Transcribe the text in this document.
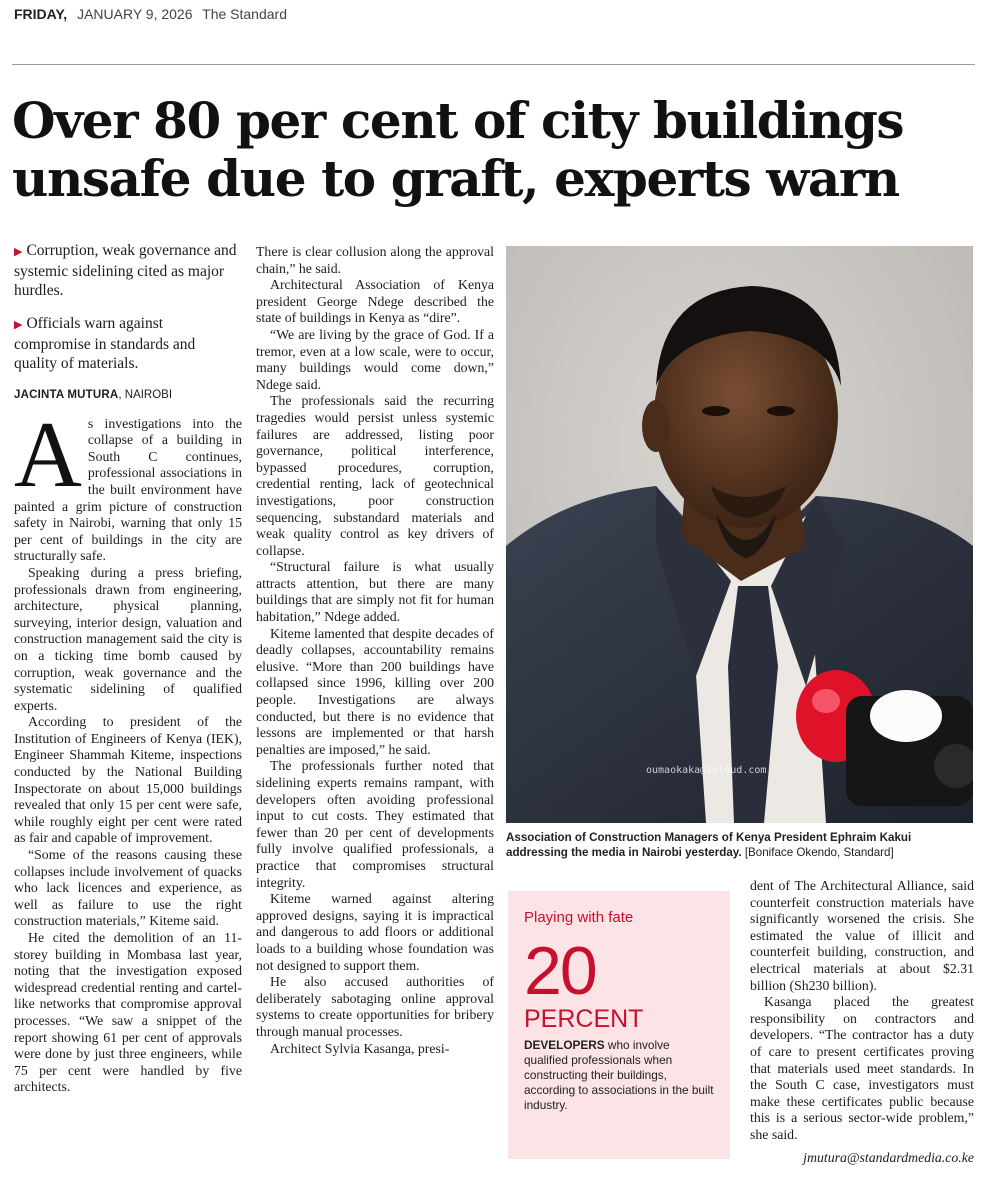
FRIDAY, JANUARY 9, 2026 The Standard
Over 80 per cent of city buildings unsafe due to graft, experts warn
▶ Corruption, weak governance and systemic sidelining cited as major hurdles.
▶ Officials warn against compromise in standards and quality of materials.

JACINTA MUTURA, NAIROBI

As investigations into the collapse of a building in South C continues, professional associations in the built environment have painted a grim picture of construction safety in Nairobi, warning that only 15 per cent of buildings in the city are structurally safe.

Speaking during a press briefing, professionals drawn from engineering, architecture, physical planning, surveying, interior design, valuation and construction management said the city is on a ticking time bomb caused by corruption, weak governance and the systematic sidelining of qualified experts.

According to president of the Institution of Engineers of Kenya (IEK), Engineer Shammah Kiteme, inspections conducted by the National Building Inspectorate on about 15,000 buildings revealed that only 15 per cent were safe, while roughly eight per cent were rated as fair and capable of improvement.

“Some of the reasons causing these collapses include involvement of quacks who lack licences and experience, as well as failure to use the right construction materials,” Kiteme said.

He cited the demolition of an 11-storey building in Mombasa last year, noting that the investigation exposed widespread credential renting and cartel-like networks that compromise approval processes. “We saw a snippet of the report showing 61 per cent of approvals were done by just three engineers, while 75 per cent were handled by five architects.

There is clear collusion along the approval chain,” he said.

Architectural Association of Kenya president George Ndege described the state of buildings in Kenya as “dire”.

“We are living by the grace of God. If a tremor, even at a low scale, were to occur, many buildings would come down,” Ndege said.

The professionals said the recurring tragedies would persist unless systemic failures are addressed, listing poor governance, political interference, bypassed procedures, corruption, credential renting, lack of geotechnical investigations, poor construction sequencing, substandard materials and weak quality control as key drivers of collapse.

“Structural failure is what usually attracts attention, but there are many buildings that are simply not fit for human habitation,” Ndege added.

Kiteme lamented that despite decades of deadly collapses, accountability remains elusive. “More than 200 buildings have collapsed since 1996, killing over 200 people. Investigations are always conducted, but there is no evidence that lessons are implemented or that harsh penalties are imposed,” he said.

The professionals further noted that sidelining experts remains rampant, with developers often avoiding professional input to cut costs. They estimated that fewer than 20 per cent of developments fully involve qualified professionals, a practice that compromises structural integrity.

Kiteme warned against altering approved designs, saying it is impractical and dangerous to add floors or additional loads to a building whose foundation was not designed to support them.

He also accused authorities of deliberately sabotaging online approval systems to create opportunities for bribery through manual processes.

Architect Sylvia Kasanga, presi-

oumaokaka@icloud.com
Association of Construction Managers of Kenya President Ephraim Kakui addressing the media in Nairobi yesterday. [Boniface Okendo, Standard]
Playing with fate
20
PERCENT
DEVELOPERS who involve qualified professionals when constructing their buildings, according to associations in the built industry.

dent of The Architectural Alliance, said counterfeit construction materials have significantly worsened the crisis. She estimated the value of illicit and counterfeit building, construction, and electrical materials at about $2.31 billion (Sh230 billion).

Kasanga placed the greatest responsibility on contractors and developers. “The contractor has a duty of care to present certificates proving that materials used meet standards. In the South C case, investigators must make these certificates public because this is a serious sector-wide problem,” she said.

jmutura@standardmedia.co.ke
